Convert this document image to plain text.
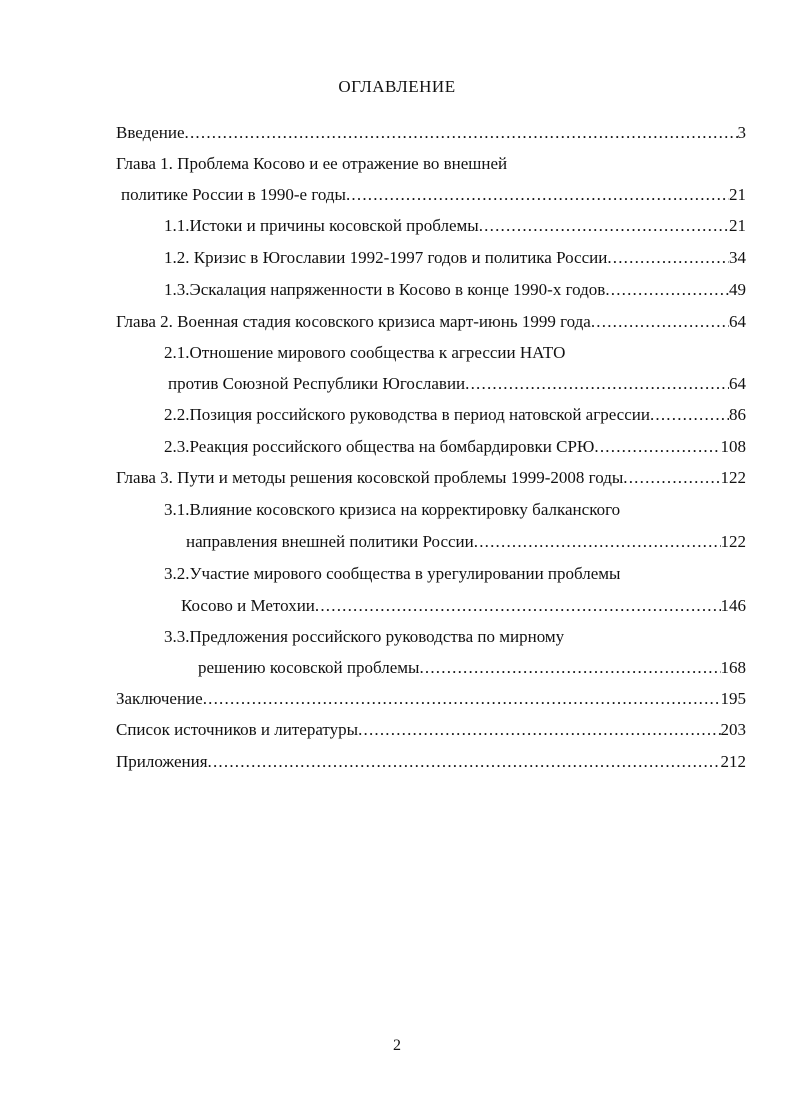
ОГЛАВЛЕНИЕ
Введение .....	3
Глава 1. Проблема Косово и ее отражение во внешней
политике России в 1990-е годы .....	21
1.1.Истоки и причины косовской проблемы .....	21
1.2. Кризис в Югославии 1992-1997 годов и политика России .....	34
1.3.Эскалация напряженности в Косово в конце 1990-х годов .....	49
Глава 2. Военная стадия косовского кризиса март-июнь 1999 года .....	64
2.1.Отношение мирового сообщества к агрессии НАТО
против Союзной Республики Югославии .....	64
2.2.Позиция российского руководства в период натовской агрессии .....	86
2.3.Реакция российского общества на бомбардировки СРЮ .....	108
Глава 3. Пути и методы решения косовской проблемы 1999-2008 годы .....	122
3.1.Влияние косовского кризиса на корректировку балканского
направления внешней политики России .....	122
3.2.Участие мирового сообщества в урегулировании проблемы
Косово и Метохии .....	146
3.3.Предложения российского руководства по мирному
решению косовской проблемы .....	168
Заключение .....	195
Список источников и литературы .....	203
Приложения .....	212
2
